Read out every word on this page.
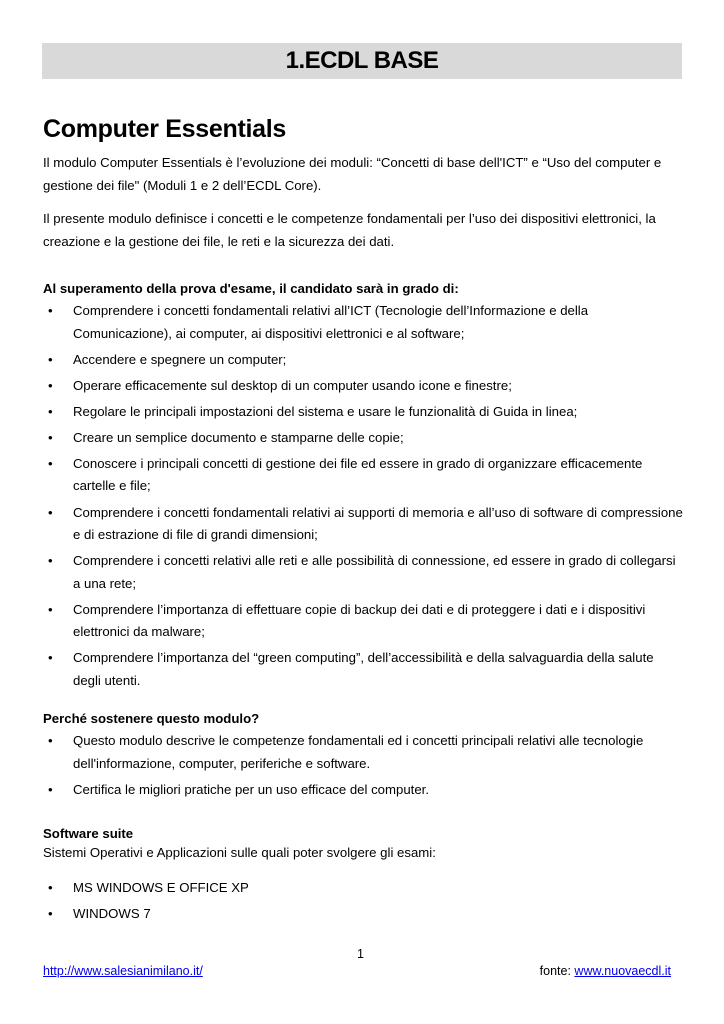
1.ECDL BASE
Computer Essentials

Il modulo Computer Essentials è l’evoluzione dei moduli: “Concetti di base dell'ICT” e “Uso del computer e gestione dei file" (Moduli 1 e 2 dell’ECDL Core).

Il presente modulo definisce i concetti e le competenze fondamentali per l’uso dei dispositivi elettronici, la creazione e la gestione dei file, le reti e la sicurezza dei dati.

Al superamento della prova d'esame, il candidato sarà in grado di:

• Comprendere i concetti fondamentali relativi all’ICT (Tecnologie dell’Informazione e della Comunicazione), ai computer, ai dispositivi elettronici e al software;
• Accendere e spegnere un computer;
• Operare efficacemente sul desktop di un computer usando icone e finestre;
• Regolare le principali impostazioni del sistema e usare le funzionalità di Guida in linea;
• Creare un semplice documento e stamparne delle copie;
• Conoscere i principali concetti di gestione dei file ed essere in grado di organizzare efficacemente cartelle e file;
• Comprendere i concetti fondamentali relativi ai supporti di memoria e all’uso di software di compressione e di estrazione di file di grandi dimensioni;
• Comprendere i concetti relativi alle reti e alle possibilità di connessione, ed essere in grado di collegarsi a una rete;
• Comprendere l’importanza di effettuare copie di backup dei dati e di proteggere i dati e i dispositivi elettronici da malware;
• Comprendere l’importanza del “green computing”, dell’accessibilità e della salvaguardia della salute degli utenti.

Perché sostenere questo modulo?

• Questo modulo descrive le competenze fondamentali ed i concetti principali relativi alle tecnologie dell'informazione, computer, periferiche e software.
• Certifica le migliori pratiche per un uso efficace del computer.

Software suite

Sistemi Operativi e Applicazioni sulle quali poter svolgere gli esami:

• MS WINDOWS E OFFICE XP
• WINDOWS 7
1
http://www.salesianimilano.it/	fonte: www.nuovaecdl.it
